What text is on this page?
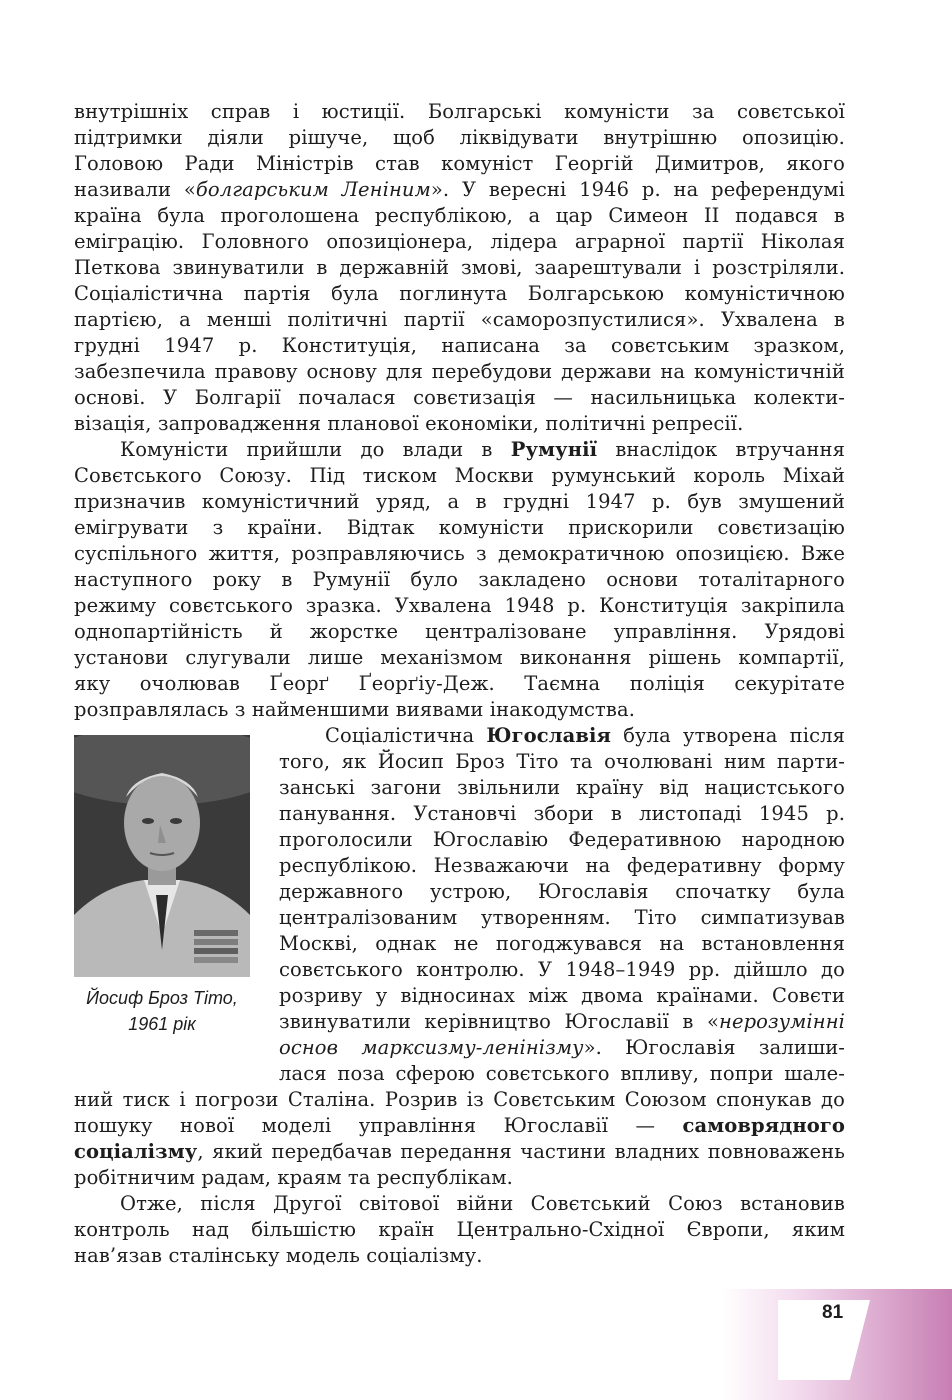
внутрішніх справ і юстиції. Болгарські комуністи за совєтської
підтримки діяли рішуче, щоб ліквідувати внутрішню опозицію.
Головою Ради Міністрів став комуніст Георгій Димитров, якого
називали «болгарським Леніним». У вересні 1946 р. на референдумі
країна була проголошена республікою, а цар Симеон II подався в
еміграцію. Головного опозиціонера, лідера аграрної партії Ніколая
Петкова звинуватили в державній змові, заарештували і розстріляли.
Соціалістична партія була поглинута Болгарською комуністичною
партією, а менші політичні партії «саморозпустилися». Ухвалена в
грудні 1947 р. Конституція, написана за совєтським зразком,
забезпечила правову основу для перебудови держави на комуністичній
основі. У Болгарії почалася совєтизація — насильницька колекти-
візація, запровадження планової економіки, політичні репресії.
Комуністи прийшли до влади в Румунії внаслідок втручання
Совєтського Союзу. Під тиском Москви румунський король Міхай
призначив комуністичний уряд, а в грудні 1947 р. був змушений
емігрувати з країни. Відтак комуністи прискорили совєтизацію
суспільного життя, розправляючись з демократичною опозицією. Вже
наступного року в Румунії було закладено основи тоталітарного
режиму совєтського зразка. Ухвалена 1948 р. Конституція закріпила
однопартійність й жорстке централізоване управління. Урядові
установи слугували лише механізмом виконання рішень компартії,
яку очолював Ґеорґ Ґеорґіу-Деж. Таємна поліція секурітате
розправлялась з найменшими виявами інакодумства.
Йосиф Броз Тіто,
1961 рік
Соціалістична Югославія була утворена після
того, як Йосип Броз Тіто та очолювані ним парти-
занські загони звільнили країну від нацистського
панування. Установчі збори в листопаді 1945 р.
проголосили Югославію Федеративною народною
республікою. Незважаючи на федеративну форму
державного устрою, Югославія спочатку була
централізованим утворенням. Тіто симпатизував
Москві, однак не погоджувався на встановлення
совєтського контролю. У 1948–1949 рр. дійшло до
розриву у відносинах між двома країнами. Совєти
звинуватили керівництво Югославії в «нерозумінні
основ марксизму-ленінізму». Югославія залиши-
лася поза сферою совєтського впливу, попри шале-
ний тиск і погрози Сталіна. Розрив із Совєтським Союзом спонукав до
пошуку нової моделі управління Югославії — самоврядного
соціалізму, який передбачав передання частини владних повноважень
робітничим радам, краям та республікам.
Отже, після Другої світової війни Совєтський Союз встановив
контроль над більшістю країн Центрально-Східної Європи, яким
нав’язав сталінську модель соціалізму.
81
